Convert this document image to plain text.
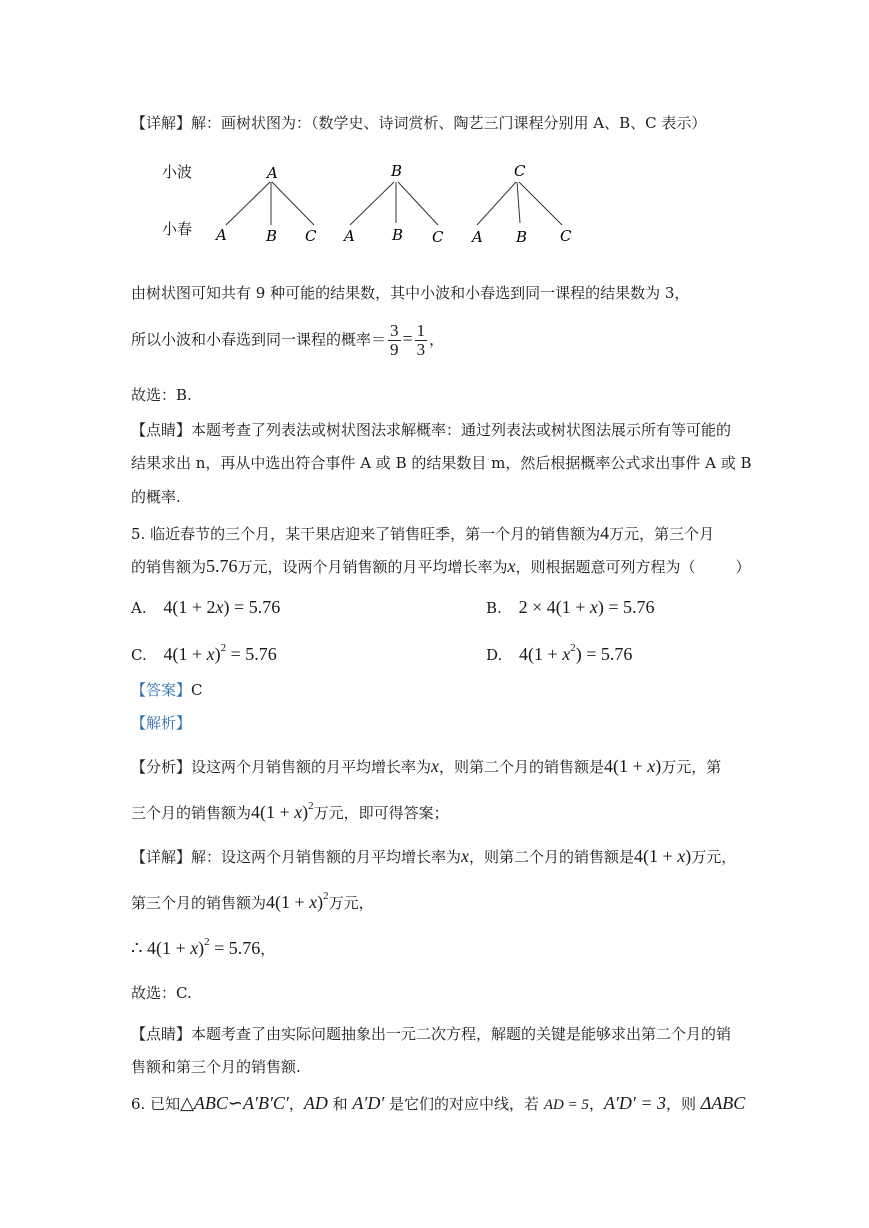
【详解】解：画树状图为：（数学史、诗词赏析、陶艺三门课程分别用 A、B、C 表示）
小波
小春
A
A	B C
B
A B C
C
A B C
由树状图可知共有 9 种可能的结果数，其中小波和小春选到同一课程的结果数为 3，
所以小波和小春选到同一课程的概率＝ $\frac{3}{9} = \frac{1}{3}$ ，
故选：B.
【点睛】本题考查了列表法或树状图法求解概率：通过列表法或树状图法展示所有等可能的
结果求出 n，再从中选出符合事件 A 或 B 的结果数目 m，然后根据概率公式求出事件 A 或 B
的概率.
5. 临近春节的三个月，某干果店迎来了销售旺季，第一个月的销售额为4万元，第三个月
的销售额为5.76万元，设两个月销售额的月平均增长率为x，则根据题意可列方程为（	）
A. 4(1 + 2x) = 5.76	B. 2 × 4(1 + x) = 5.76
C. $4(1 + x)^2 = 5.76$	D. $4(1 + x^2) = 5.76$
【答案】C
【解析】
【分析】设这两个月销售额的月平均增长率为x，则第二个月的销售额是4(1 + x)万元，第
三个月的销售额为$4(1 + x)^2$万元，即可得答案；
【详解】解：设这两个月销售额的月平均增长率为x，则第二个月的销售额是4(1 + x)万元，
第三个月的销售额为$4(1 + x)^2$万元，
∴ $4(1 + x)^2 = 5.76$，
故选：C.
【点睛】本题考查了由实际问题抽象出一元二次方程，解题的关键是能够求出第二个月的销
售额和第三个月的销售额.
6. 已知△ABC∽A′B′C′，AD 和 A′D′ 是它们的对应中线，若 AD = 5，A′D′ = 3，则 ΔABC
